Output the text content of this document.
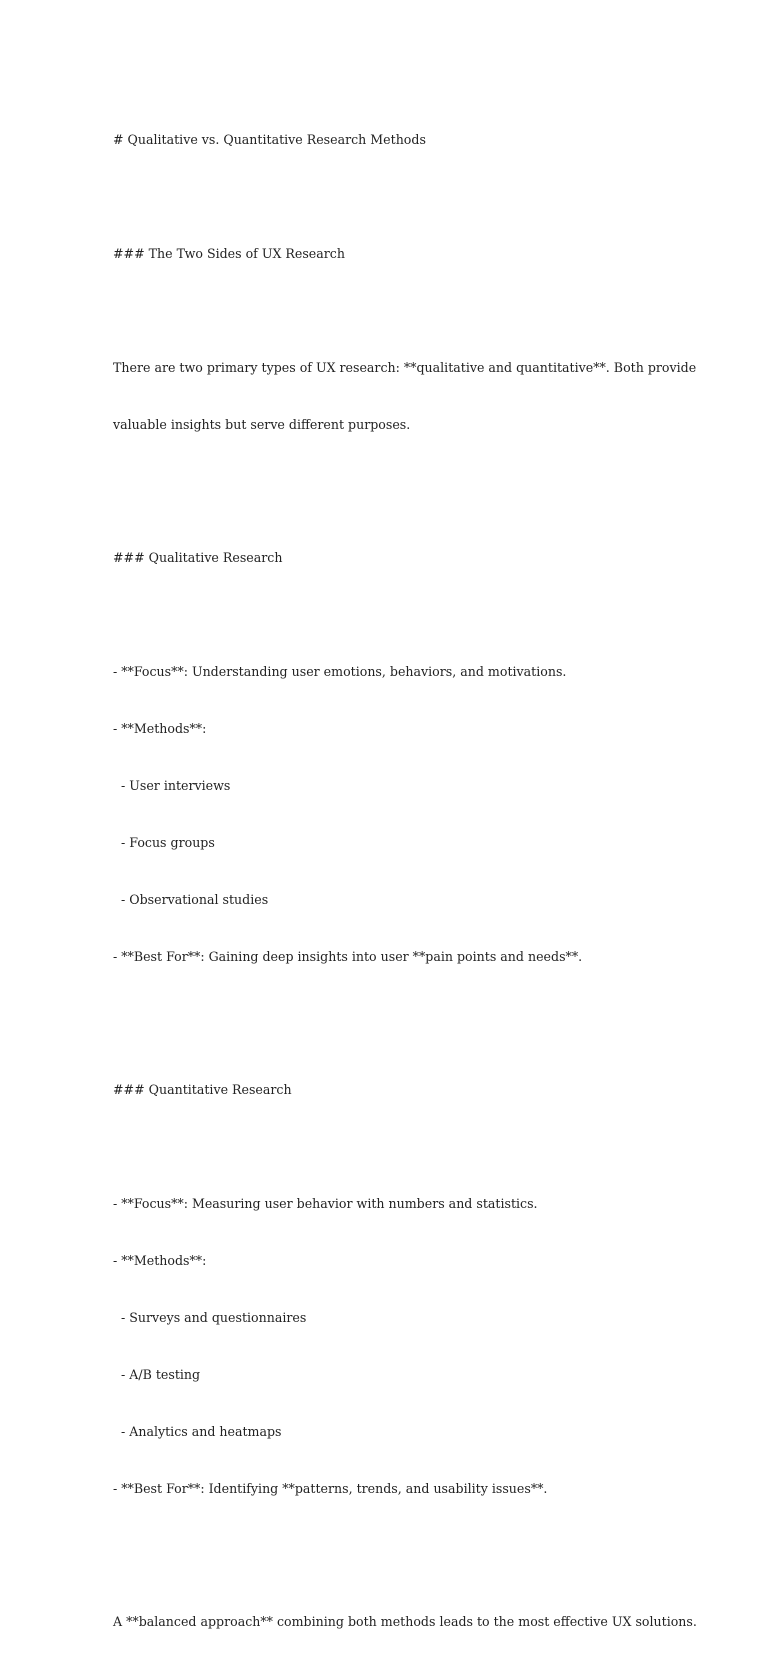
# Qualitative vs. Quantitative Research Methods

### The Two Sides of UX Research

There are two primary types of UX research: **qualitative and quantitative**. Both provide

valuable insights but serve different purposes.

### Qualitative Research

- **Focus**: Understanding user emotions, behaviors, and motivations.

- **Methods**:

- User interviews

- Focus groups

- Observational studies

- **Best For**: Gaining deep insights into user **pain points and needs**.

### Quantitative Research

- **Focus**: Measuring user behavior with numbers and statistics.

- **Methods**:

- Surveys and questionnaires

- A/B testing

- Analytics and heatmaps

- **Best For**: Identifying **patterns, trends, and usability issues**.

A **balanced approach** combining both methods leads to the most effective UX solutions.
